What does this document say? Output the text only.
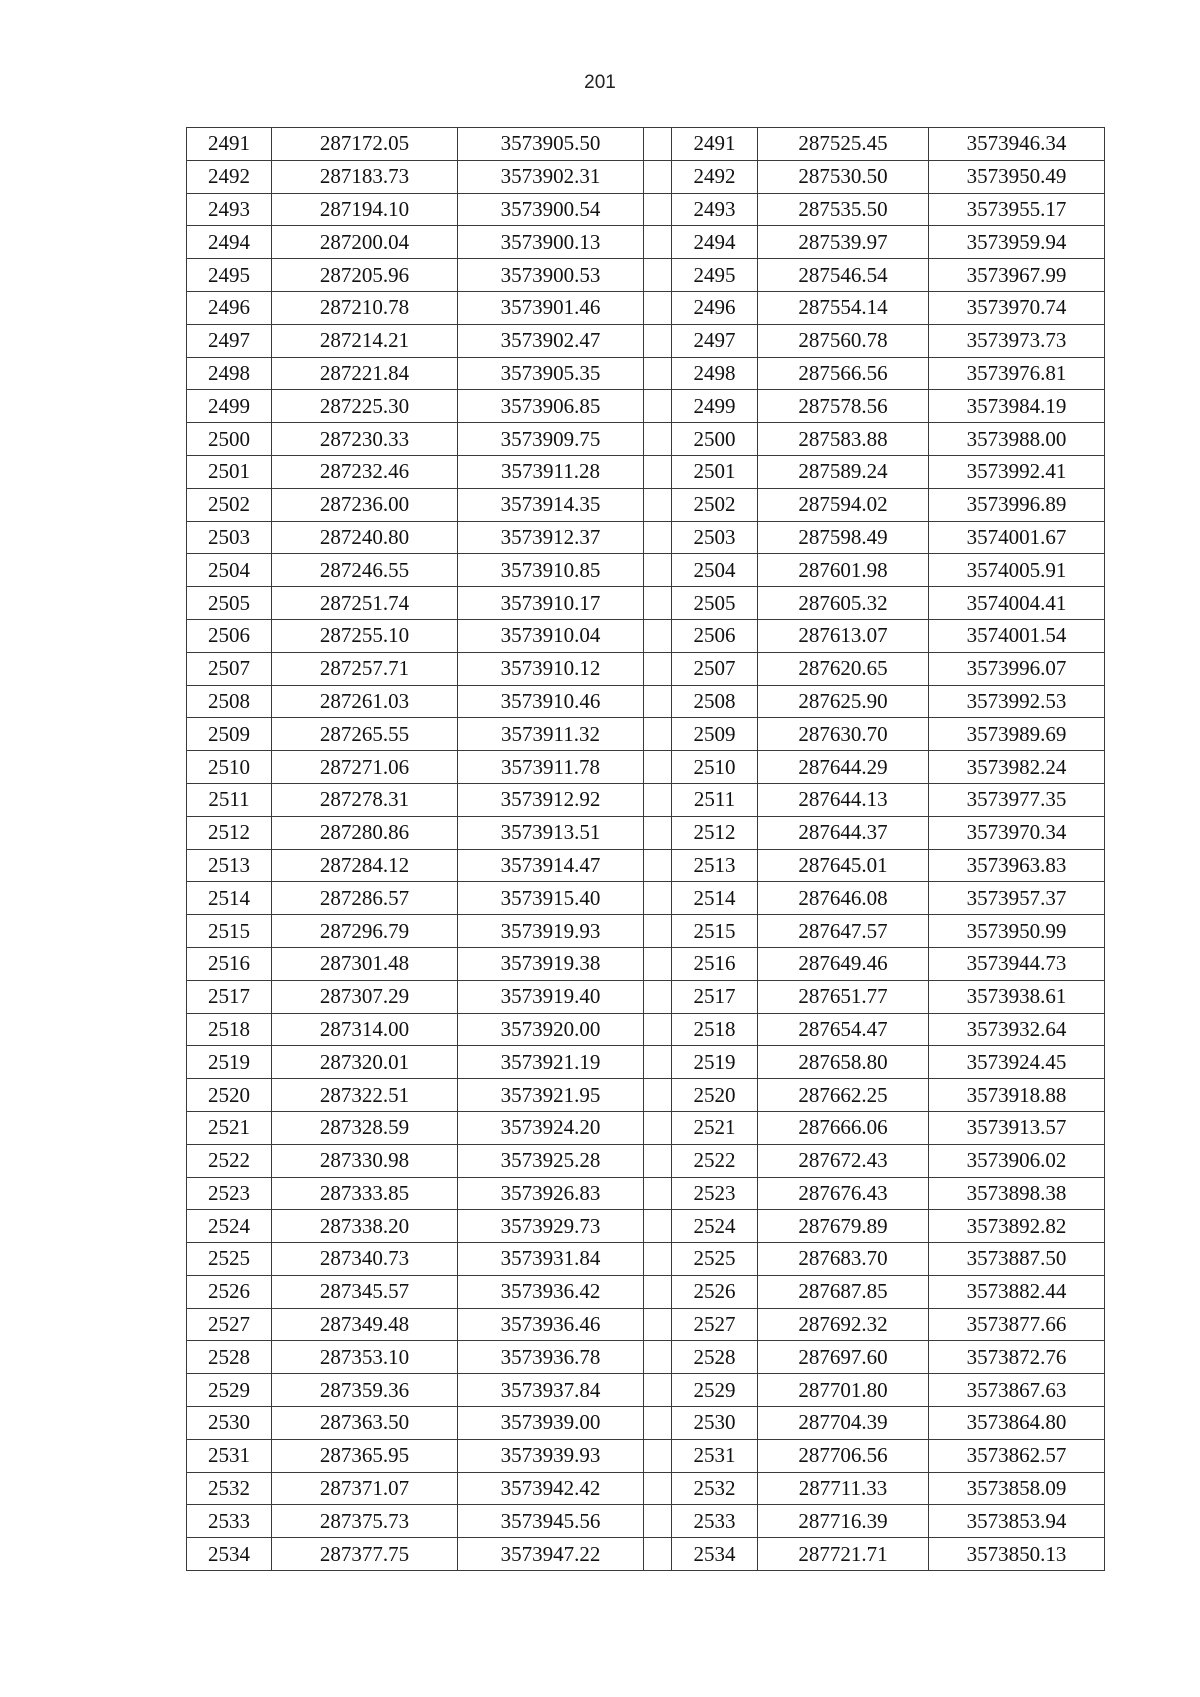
201
2491	287172.05	3573905.50		2491	287525.45	3573946.34
2492	287183.73	3573902.31		2492	287530.50	3573950.49
2493	287194.10	3573900.54		2493	287535.50	3573955.17
2494	287200.04	3573900.13		2494	287539.97	3573959.94
2495	287205.96	3573900.53		2495	287546.54	3573967.99
2496	287210.78	3573901.46		2496	287554.14	3573970.74
2497	287214.21	3573902.47		2497	287560.78	3573973.73
2498	287221.84	3573905.35		2498	287566.56	3573976.81
2499	287225.30	3573906.85		2499	287578.56	3573984.19
2500	287230.33	3573909.75		2500	287583.88	3573988.00
2501	287232.46	3573911.28		2501	287589.24	3573992.41
2502	287236.00	3573914.35		2502	287594.02	3573996.89
2503	287240.80	3573912.37		2503	287598.49	3574001.67
2504	287246.55	3573910.85		2504	287601.98	3574005.91
2505	287251.74	3573910.17		2505	287605.32	3574004.41
2506	287255.10	3573910.04		2506	287613.07	3574001.54
2507	287257.71	3573910.12		2507	287620.65	3573996.07
2508	287261.03	3573910.46		2508	287625.90	3573992.53
2509	287265.55	3573911.32		2509	287630.70	3573989.69
2510	287271.06	3573911.78		2510	287644.29	3573982.24
2511	287278.31	3573912.92		2511	287644.13	3573977.35
2512	287280.86	3573913.51		2512	287644.37	3573970.34
2513	287284.12	3573914.47		2513	287645.01	3573963.83
2514	287286.57	3573915.40		2514	287646.08	3573957.37
2515	287296.79	3573919.93		2515	287647.57	3573950.99
2516	287301.48	3573919.38		2516	287649.46	3573944.73
2517	287307.29	3573919.40		2517	287651.77	3573938.61
2518	287314.00	3573920.00		2518	287654.47	3573932.64
2519	287320.01	3573921.19		2519	287658.80	3573924.45
2520	287322.51	3573921.95		2520	287662.25	3573918.88
2521	287328.59	3573924.20		2521	287666.06	3573913.57
2522	287330.98	3573925.28		2522	287672.43	3573906.02
2523	287333.85	3573926.83		2523	287676.43	3573898.38
2524	287338.20	3573929.73		2524	287679.89	3573892.82
2525	287340.73	3573931.84		2525	287683.70	3573887.50
2526	287345.57	3573936.42		2526	287687.85	3573882.44
2527	287349.48	3573936.46		2527	287692.32	3573877.66
2528	287353.10	3573936.78		2528	287697.60	3573872.76
2529	287359.36	3573937.84		2529	287701.80	3573867.63
2530	287363.50	3573939.00		2530	287704.39	3573864.80
2531	287365.95	3573939.93		2531	287706.56	3573862.57
2532	287371.07	3573942.42		2532	287711.33	3573858.09
2533	287375.73	3573945.56		2533	287716.39	3573853.94
2534	287377.75	3573947.22		2534	287721.71	3573850.13
